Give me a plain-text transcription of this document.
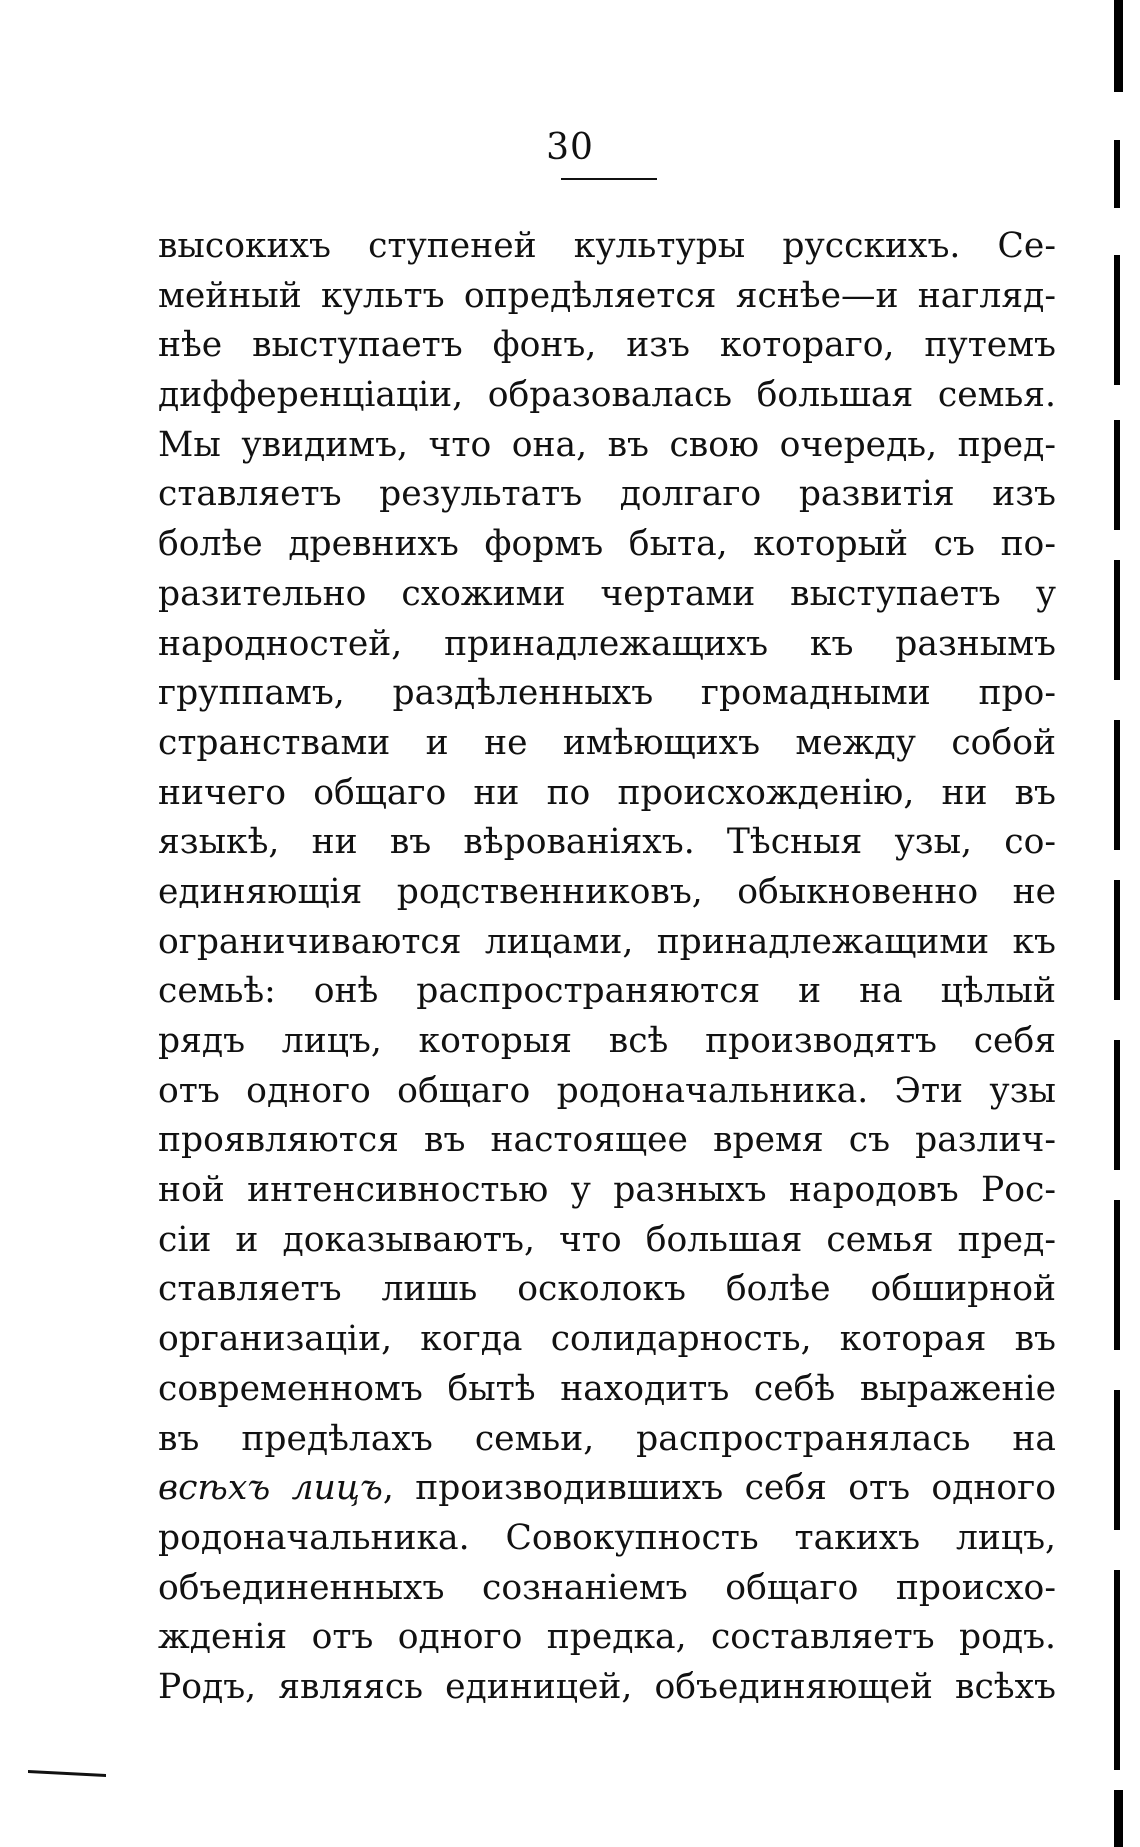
30
высокихъ ступеней культуры русскихъ. Се-
мейный культъ опредѣляется яснѣе—и нагляд-
нѣе выступаетъ фонъ, изъ котораго, путемъ
дифференціаціи, образовалась большая семья.
Мы увидимъ, что она, въ свою очередь, пред-
ставляетъ результатъ долгаго развитія изъ
болѣе древнихъ формъ быта, который съ по-
разительно схожими чертами выступаетъ у
народностей, принадлежащихъ къ разнымъ
группамъ, раздѣленныхъ громадными про-
странствами и не имѣющихъ между собой
ничего общаго ни по происхожденію, ни въ
языкѣ, ни въ вѣрованіяхъ. Тѣсныя узы, со-
единяющія родственниковъ, обыкновенно не
ограничиваются лицами, принадлежащими къ
семьѣ: онѣ распространяются и на цѣлый
рядъ лицъ, которыя всѣ производятъ себя
отъ одного общаго родоначальника. Эти узы
проявляются въ настоящее время съ различ-
ной интенсивностью у разныхъ народовъ Рос-
сіи и доказываютъ, что большая семья пред-
ставляетъ лишь осколокъ болѣе обширной
организаціи, когда солидарность, которая въ
современномъ бытѣ находитъ себѣ выраженіе
въ предѣлахъ семьи, распространялась на
всѣхъ лицъ, производившихъ себя отъ одного
родоначальника. Совокупность такихъ лицъ,
объединенныхъ сознаніемъ общаго происхо-
жденія отъ одного предка, составляетъ родъ.
Родъ, являясь единицей, объединяющей всѣхъ
